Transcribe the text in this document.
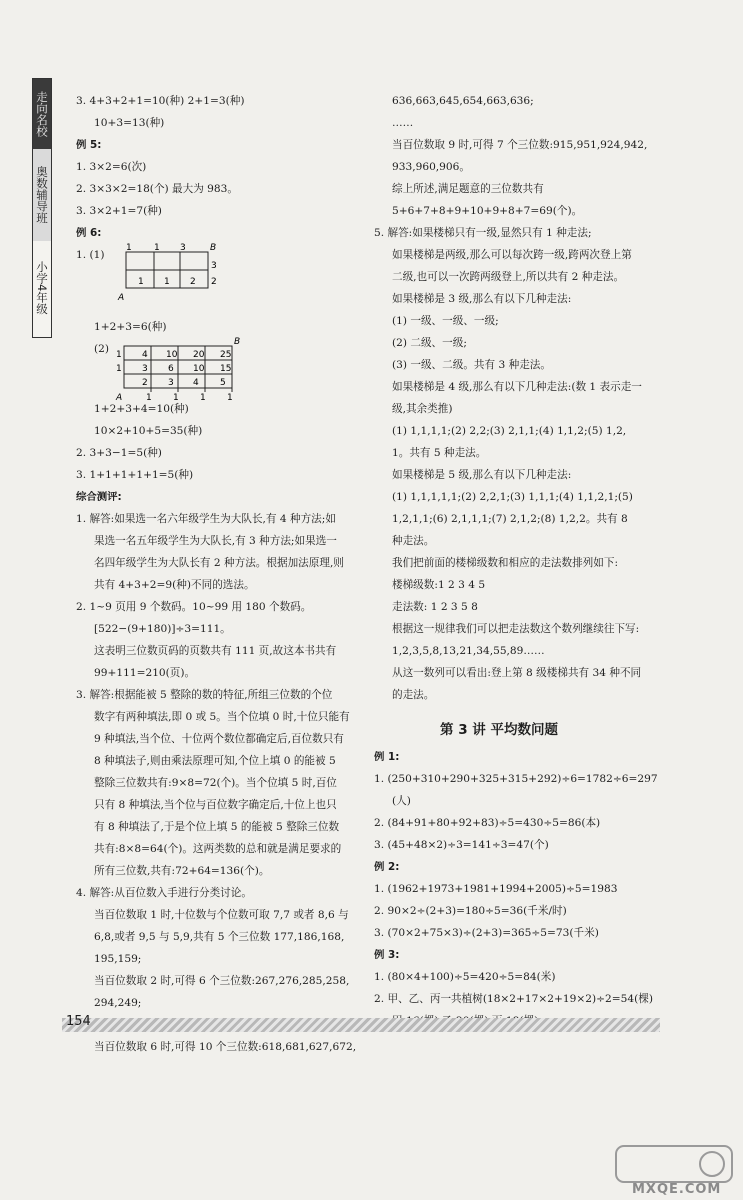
走向名校
奥数辅导班
小学4年级
3. 4+3+2+1=10(种) 2+1=3(种)
10+3=13(种)
例 5:
1. 3×2=6(次)
2. 3×3×2=18(个) 最大为 983。
3. 3×2+1=7(种)
例 6:
1. (1)
1 1 3
1 1 2
3
2
B
A
1+2+3=6(种)
(2)	4 10 20 25
3 6 10 15
2 3 4 5
1
1
1 1 1 1
B
A
1+2+3+4=10(种)
10×2+10+5=35(种)
2. 3+3−1=5(种)
3. 1+1+1+1+1=5(种)
综合测评:
1. 解答:如果选一名六年级学生为大队长,有 4 种方法;如
果选一名五年级学生为大队长,有 3 种方法;如果选一
名四年级学生为大队长有 2 种方法。根据加法原理,则
共有 4+3+2=9(种)不同的选法。
2. 1~9 页用 9 个数码。10~99 用 180 个数码。
[522−(9+180)]÷3=111。
这表明三位数页码的页数共有 111 页,故这本书共有
99+111=210(页)。
3. 解答:根据能被 5 整除的数的特征,所组三位数的个位
数字有两种填法,即 0 或 5。当个位填 0 时,十位只能有
9 种填法,当个位、十位两个数位都确定后,百位数只有
8 种填法子,则由乘法原理可知,个位上填 0 的能被 5
整除三位数共有:9×8=72(个)。当个位填 5 时,百位
只有 8 种填法,当个位与百位数字确定后,十位上也只
有 8 种填法了,于是个位上填 5 的能被 5 整除三位数
共有:8×8=64(个)。这两类数的总和就是满足要求的
所有三位数,共有:72+64=136(个)。
4. 解答:从百位数入手进行分类讨论。
当百位数取 1 时,十位数与个位数可取 7,7 或者 8,6 与
6,8,或者 9,5 与 5,9,共有 5 个三位数 177,186,168,
195,159;
当百位数取 2 时,可得 6 个三位数:267,276,285,258,
294,249;
当百位数取 6 时,可得 10 个三位数:618,681,627,672,
636,663,645,654,663,636;
……
当百位数取 9 时,可得 7 个三位数:915,951,924,942,
933,960,906。
综上所述,满足题意的三位数共有
5+6+7+8+9+10+9+8+7=69(个)。
5. 解答:如果楼梯只有一级,显然只有 1 种走法;
如果楼梯是两级,那么可以每次跨一级,跨两次登上第
二级,也可以一次跨两级登上,所以共有 2 种走法。
如果楼梯是 3 级,那么有以下几种走法:
(1) 一级、一级、一级;
(2) 二级、一级;
(3) 一级、二级。共有 3 种走法。
如果楼梯是 4 级,那么有以下几种走法:(数 1 表示走一
级,其余类推)
(1) 1,1,1,1;(2) 2,2;(3) 2,1,1;(4) 1,1,2;(5) 1,2,
1。共有 5 种走法。
如果楼梯是 5 级,那么有以下几种走法:
(1) 1,1,1,1,1;(2) 2,2,1;(3) 1,1,1;(4) 1,1,2,1;(5)
1,2,1,1;(6) 2,1,1,1;(7) 2,1,2;(8) 1,2,2。共有 8
种走法。
我们把前面的楼梯级数和相应的走法数排列如下:
楼梯级数:1 2 3 4 5
走法数: 1 2 3 5 8
根据这一规律我们可以把走法数这个数列继续往下写:
1,2,3,5,8,13,21,34,55,89……
从这一数列可以看出:登上第 8 级楼梯共有 34 种不同
的走法。
第 3 讲 平均数问题
例 1:
1. (250+310+290+325+315+292)÷6=1782÷6=297
(人)
2. (84+91+80+92+83)÷5=430÷5=86(本)
3. (45+48×2)÷3=141÷3=47(个)
例 2:
1. (1962+1973+1981+1994+2005)÷5=1983
2. 90×2÷(2+3)=180÷5=36(千米/时)
3. (70×2+75×3)÷(2+3)=365÷5=73(千米)
例 3:
1. (80×4+100)÷5=420÷5=84(米)
2. 甲、乙、丙一共植树(18×2+17×2+19×2)÷2=54(棵)
154
MXQE.COM
